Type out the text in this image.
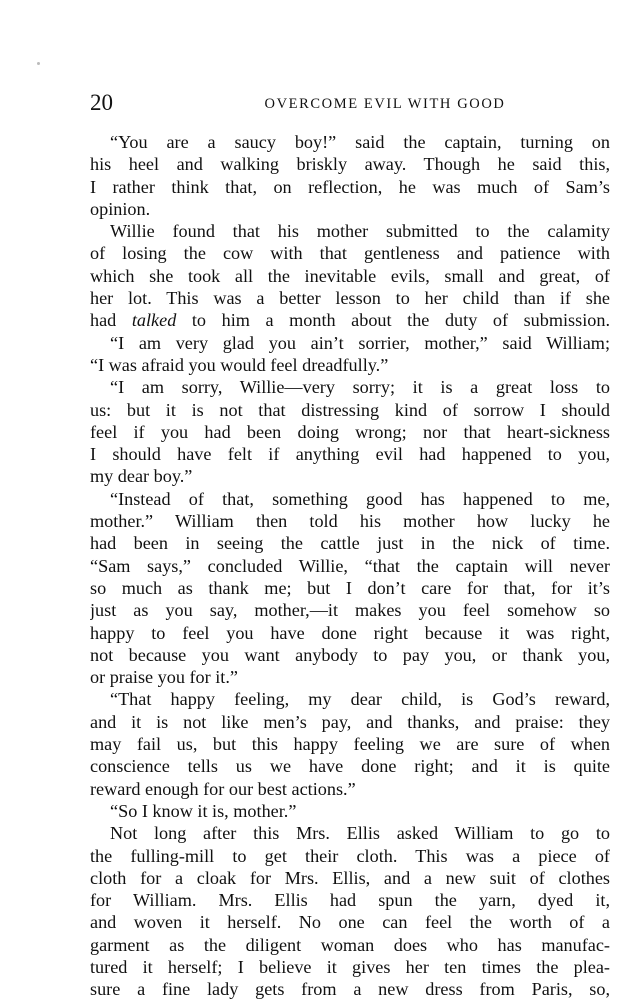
20	OVERCOME EVIL WITH GOOD
“You are a saucy boy!” said the captain, turning on
his heel and walking briskly away. Though he said this,
I rather think that, on reflection, he was much of Sam’s
opinion.
Willie found that his mother submitted to the calamity
of losing the cow with that gentleness and patience with
which she took all the inevitable evils, small and great, of
her lot. This was a better lesson to her child than if she
had talked to him a month about the duty of submission.
“I am very glad you ain’t sorrier, mother,” said William;
“I was afraid you would feel dreadfully.”
“I am sorry, Willie—very sorry; it is a great loss to
us: but it is not that distressing kind of sorrow I should
feel if you had been doing wrong; nor that heart-sickness
I should have felt if anything evil had happened to you,
my dear boy.”
“Instead of that, something good has happened to me,
mother.” William then told his mother how lucky he
had been in seeing the cattle just in the nick of time.
“Sam says,” concluded Willie, “that the captain will never
so much as thank me; but I don’t care for that, for it’s
just as you say, mother,—it makes you feel somehow so
happy to feel you have done right because it was right,
not because you want anybody to pay you, or thank you,
or praise you for it.”
“That happy feeling, my dear child, is God’s reward,
and it is not like men’s pay, and thanks, and praise: they
may fail us, but this happy feeling we are sure of when
conscience tells us we have done right; and it is quite
reward enough for our best actions.”
“So I know it is, mother.”
Not long after this Mrs. Ellis asked William to go to
the fulling-mill to get their cloth. This was a piece of
cloth for a cloak for Mrs. Ellis, and a new suit of clothes
for William. Mrs. Ellis had spun the yarn, dyed it,
and woven it herself. No one can feel the worth of a
garment as the diligent woman does who has manufac-
tured it herself; I believe it gives her ten times the plea-
sure a fine lady gets from a new dress from Paris, so,
